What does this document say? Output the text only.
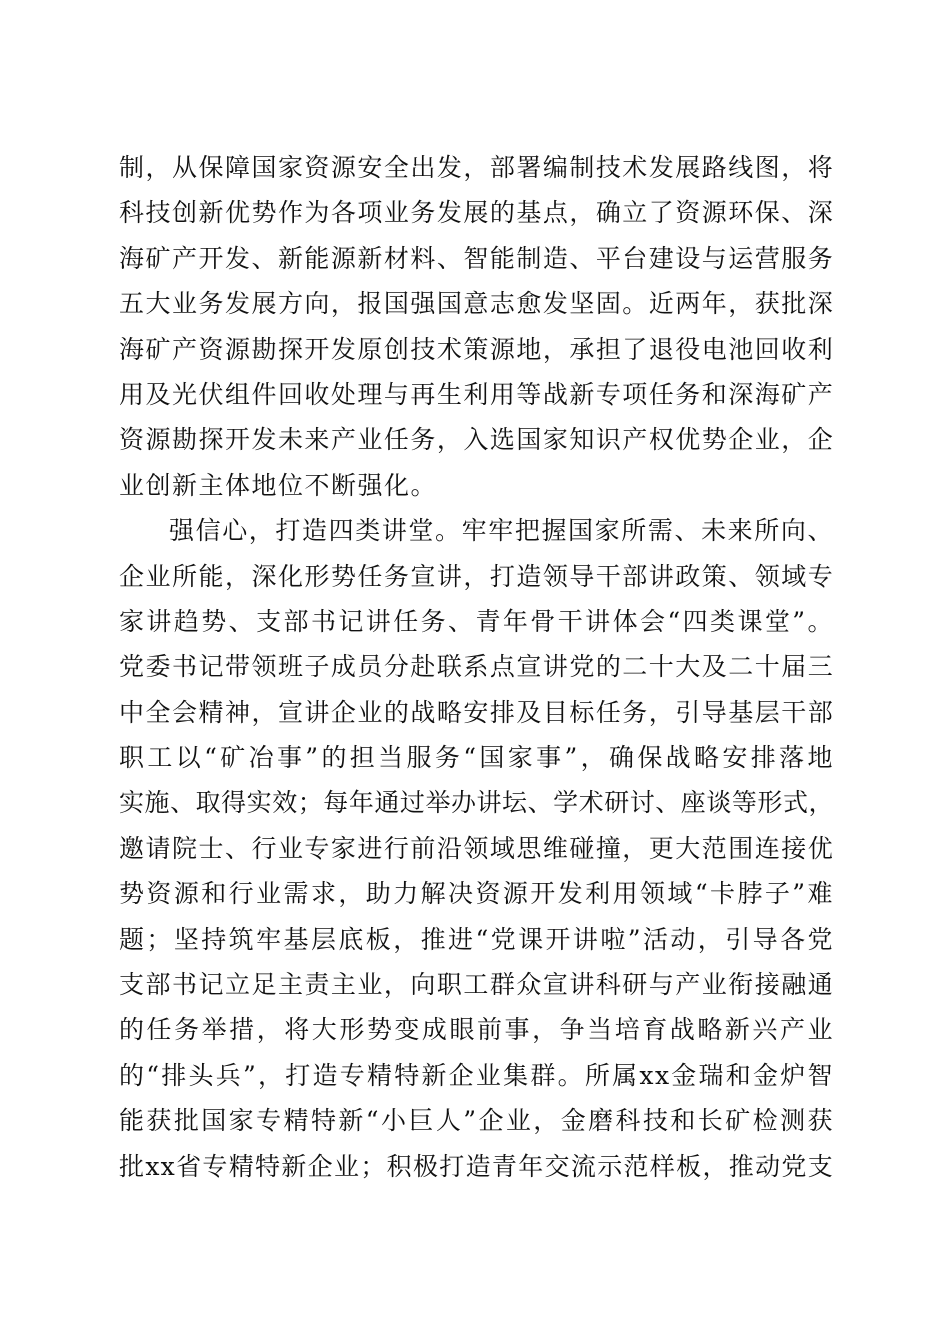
制，从保障国家资源安全出发，部署编制技术发展路线图，将
科技创新优势作为各项业务发展的基点，确立了资源环保、深
海矿产开发、新能源新材料、智能制造、平台建设与运营服务
五大业务发展方向，报国强国意志愈发坚固。近两年，获批深
海矿产资源勘探开发原创技术策源地，承担了退役电池回收利
用及光伏组件回收处理与再生利用等战新专项任务和深海矿产
资源勘探开发未来产业任务，入选国家知识产权优势企业，企
业创新主体地位不断强化。
强信心，打造四类讲堂。牢牢把握国家所需、未来所向、
企业所能，深化形势任务宣讲，打造领导干部讲政策、领域专
家讲趋势、支部书记讲任务、青年骨干讲体会“四类课堂”。
党委书记带领班子成员分赴联系点宣讲党的二十大及二十届三
中全会精神，宣讲企业的战略安排及目标任务，引导基层干部
职工以“矿冶事”的担当服务“国家事”，确保战略安排落地
实施、取得实效；每年通过举办讲坛、学术研讨、座谈等形式，
邀请院士、行业专家进行前沿领域思维碰撞，更大范围连接优
势资源和行业需求，助力解决资源开发利用领域“卡脖子”难
题；坚持筑牢基层底板，推进“党课开讲啦”活动，引导各党
支部书记立足主责主业，向职工群众宣讲科研与产业衔接融通
的任务举措，将大形势变成眼前事，争当培育战略新兴产业
的“排头兵”，打造专精特新企业集群。所属xx金瑞和金炉智
能获批国家专精特新“小巨人”企业，金磨科技和长矿检测获
批xx省专精特新企业；积极打造青年交流示范样板，推动党支
